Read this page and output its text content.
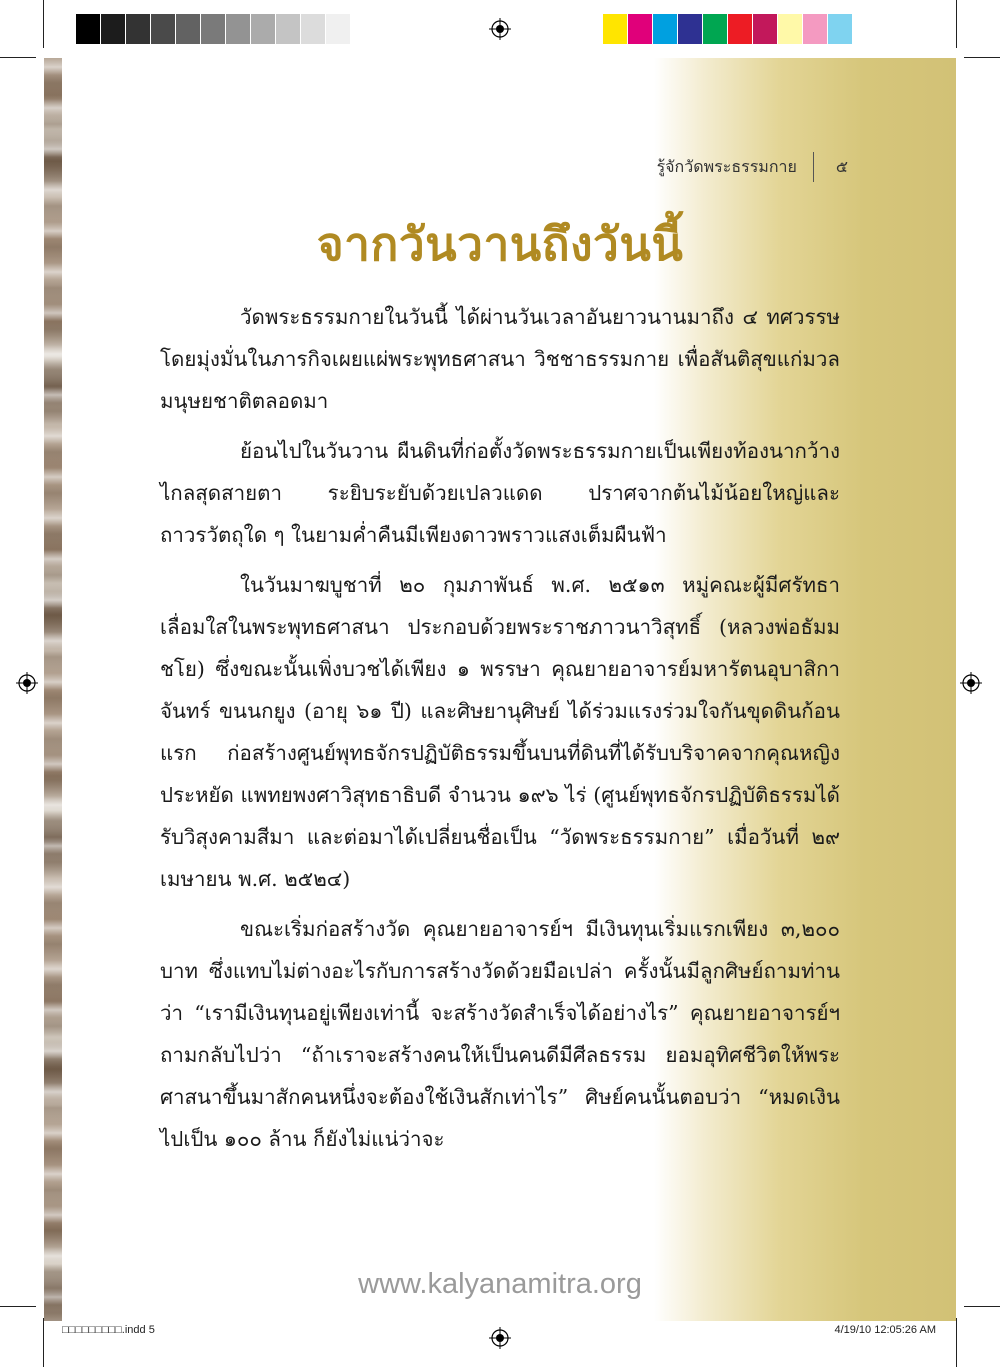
รู้จักวัดพระธรรมกาย	๕
จากวันวานถึงวันนี้

วัดพระธรรมกายในวันนี้ ได้ผ่านวันเวลาอันยาวนานมาถึง ๔ ทศวรรษ โดยมุ่งมั่นในภารกิจเผยแผ่พระพุทธศาสนา วิชชาธรรมกาย เพื่อสันติสุขแก่มวลมนุษยชาติตลอดมา

ย้อนไปในวันวาน ผืนดินที่ก่อตั้งวัดพระธรรมกายเป็นเพียงท้องนากว้างไกลสุดสายตา ระยิบระยับด้วยเปลวแดด ปราศจากต้นไม้น้อยใหญ่และถาวรวัตถุใด ๆ ในยามค่ำคืนมีเพียงดาวพราวแสงเต็มผืนฟ้า

ในวันมาฆบูชาที่ ๒๐ กุมภาพันธ์ พ.ศ. ๒๕๑๓ หมู่คณะผู้มีศรัทธาเลื่อมใสในพระพุทธศาสนา ประกอบด้วยพระราชภาวนาวิสุทธิ์ (หลวงพ่อธัมมชโย) ซึ่งขณะนั้นเพิ่งบวชได้เพียง ๑ พรรษา คุณยายอาจารย์มหารัตนอุบาสิกาจันทร์ ขนนกยูง (อายุ ๖๑ ปี) และศิษยานุศิษย์ ได้ร่วมแรงร่วมใจกันขุดดินก้อนแรก ก่อสร้างศูนย์พุทธจักรปฏิบัติธรรมขึ้นบนที่ดินที่ได้รับบริจาคจากคุณหญิงประหยัด แพทยพงศาวิสุทธาธิบดี จำนวน ๑๙๖ ไร่ (ศูนย์พุทธจักรปฏิบัติธรรมได้รับวิสุงคามสีมา และต่อมาได้เปลี่ยนชื่อเป็น “วัดพระธรรมกาย” เมื่อวันที่ ๒๙ เมษายน พ.ศ. ๒๕๒๔)

ขณะเริ่มก่อสร้างวัด คุณยายอาจารย์ฯ มีเงินทุนเริ่มแรกเพียง ๓,๒๐๐ บาท ซึ่งแทบไม่ต่างอะไรกับการสร้างวัดด้วยมือเปล่า ครั้งนั้นมีลูกศิษย์ถามท่านว่า “เรามีเงินทุนอยู่เพียงเท่านี้ จะสร้างวัดสำเร็จได้อย่างไร” คุณยายอาจารย์ฯ ถามกลับไปว่า “ถ้าเราจะสร้างคนให้เป็นคนดีมีศีลธรรม ยอมอุทิศชีวิตให้พระศาสนาขึ้นมาสักคนหนึ่งจะต้องใช้เงินสักเท่าไร” ศิษย์คนนั้นตอบว่า “หมดเงินไปเป็น ๑๐๐ ล้าน ก็ยังไม่แน่ว่าจะ

www.kalyanamitra.org
□□□□□□□□□.indd 5	4/19/10 12:05:26 AM
